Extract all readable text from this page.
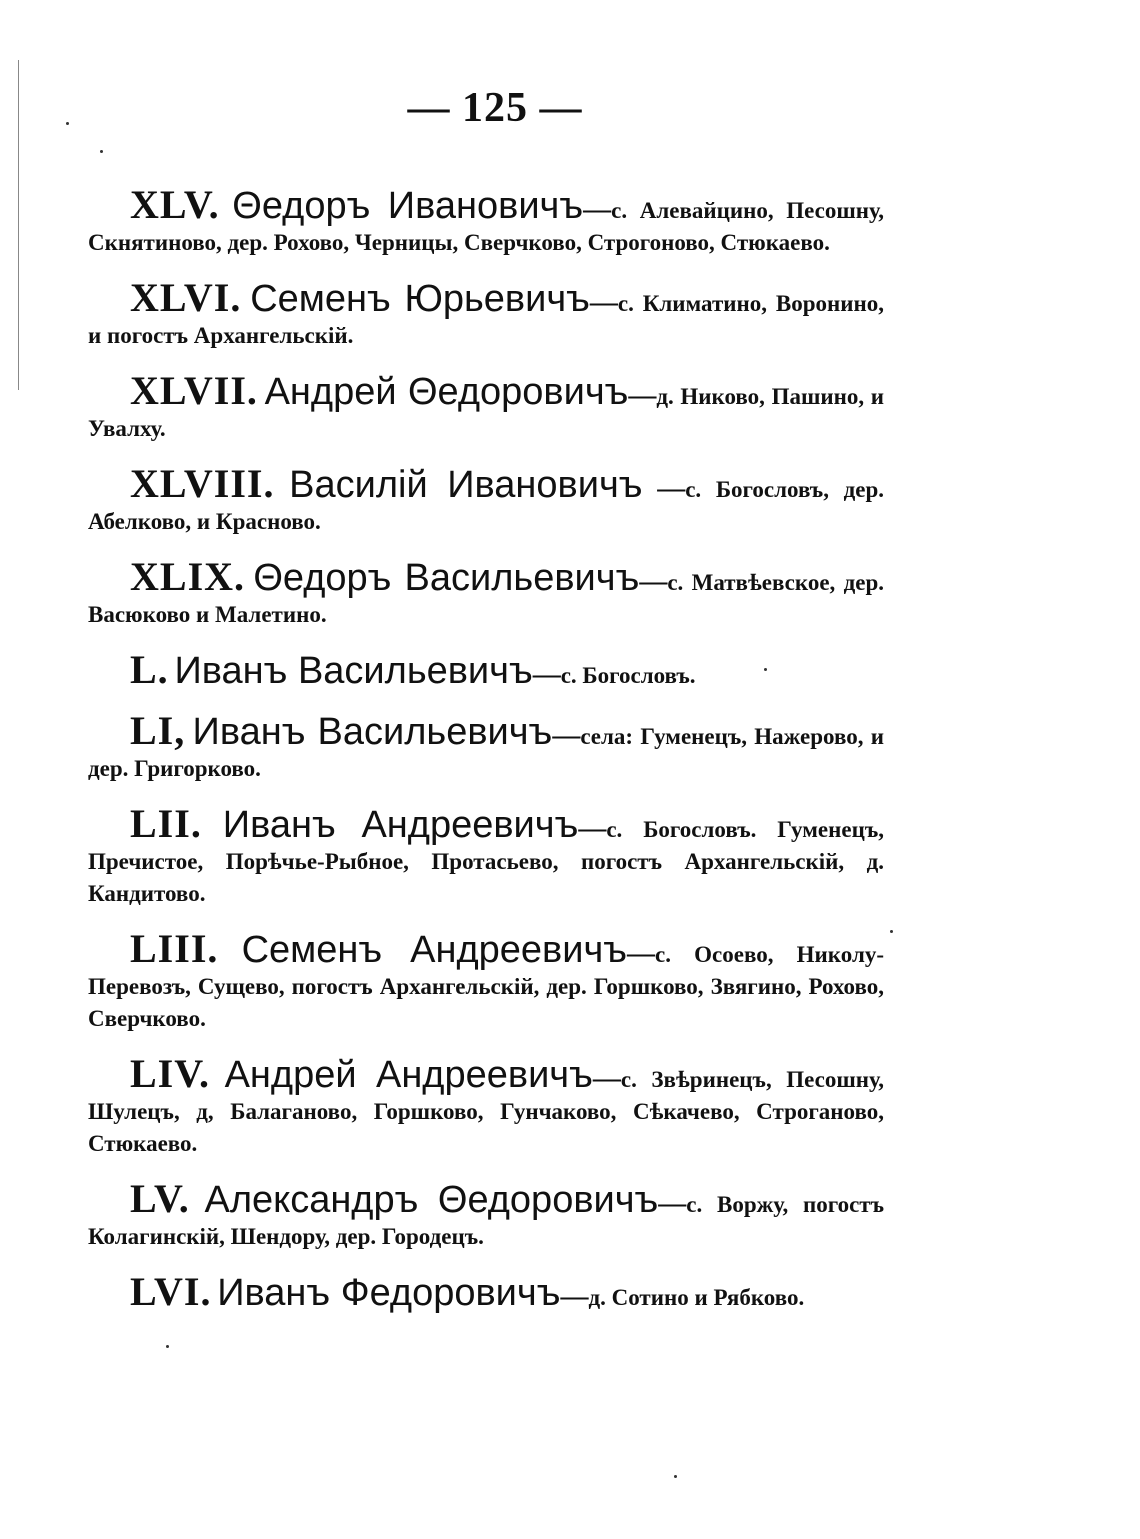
— 125 —

XLV. Θедоръ Ивановичъ—с. Алевайцино, Песошну, Скнятиново, дер. Рохово, Черницы, Сверчково, Строгоново, Стюкаево.

XLVI. Семенъ Юрьевичъ—с. Климатино, Воронино, и погостъ Архангельскій.

XLVII. Андрей Θедоровичъ—д. Никово, Пашино, и Увалху.

XLVIII. Василій Ивановичъ —с. Богословъ, дер. Абелково, и Красново.

XLIX. Θедоръ Васильевичъ—с. Матвѣевское, дер. Васюково и Малетино.

L. Иванъ Васильевичъ—с. Богословъ.

LI, Иванъ Васильевичъ—села: Гуменецъ, Нажерово, и дер. Григорково.

LII. Иванъ Андреевичъ—с. Богословъ. Гуменецъ, Пречистое, Порѣчье-Рыбное, Протасьево, погостъ Архангельскій, д. Кандитово.

LIII. Семенъ Андреевичъ—с. Осоево, Николу-Перевозъ, Сущево, погостъ Архангельскій, дер. Горшково, Звягино, Рохово, Сверчково.

LIV. Андрей Андреевичъ—с. Звѣринецъ, Песошну, Шулецъ, д, Балаганово, Горшково, Гунчаково, Сѣкачево, Строганово, Стюкаево.

LV. Александръ Θедоровичъ—с. Воржу, погостъ Колагинскій, Шендору, дер. Городецъ.

LVI. Иванъ Федоровичъ—д. Сотино и Рябково.
